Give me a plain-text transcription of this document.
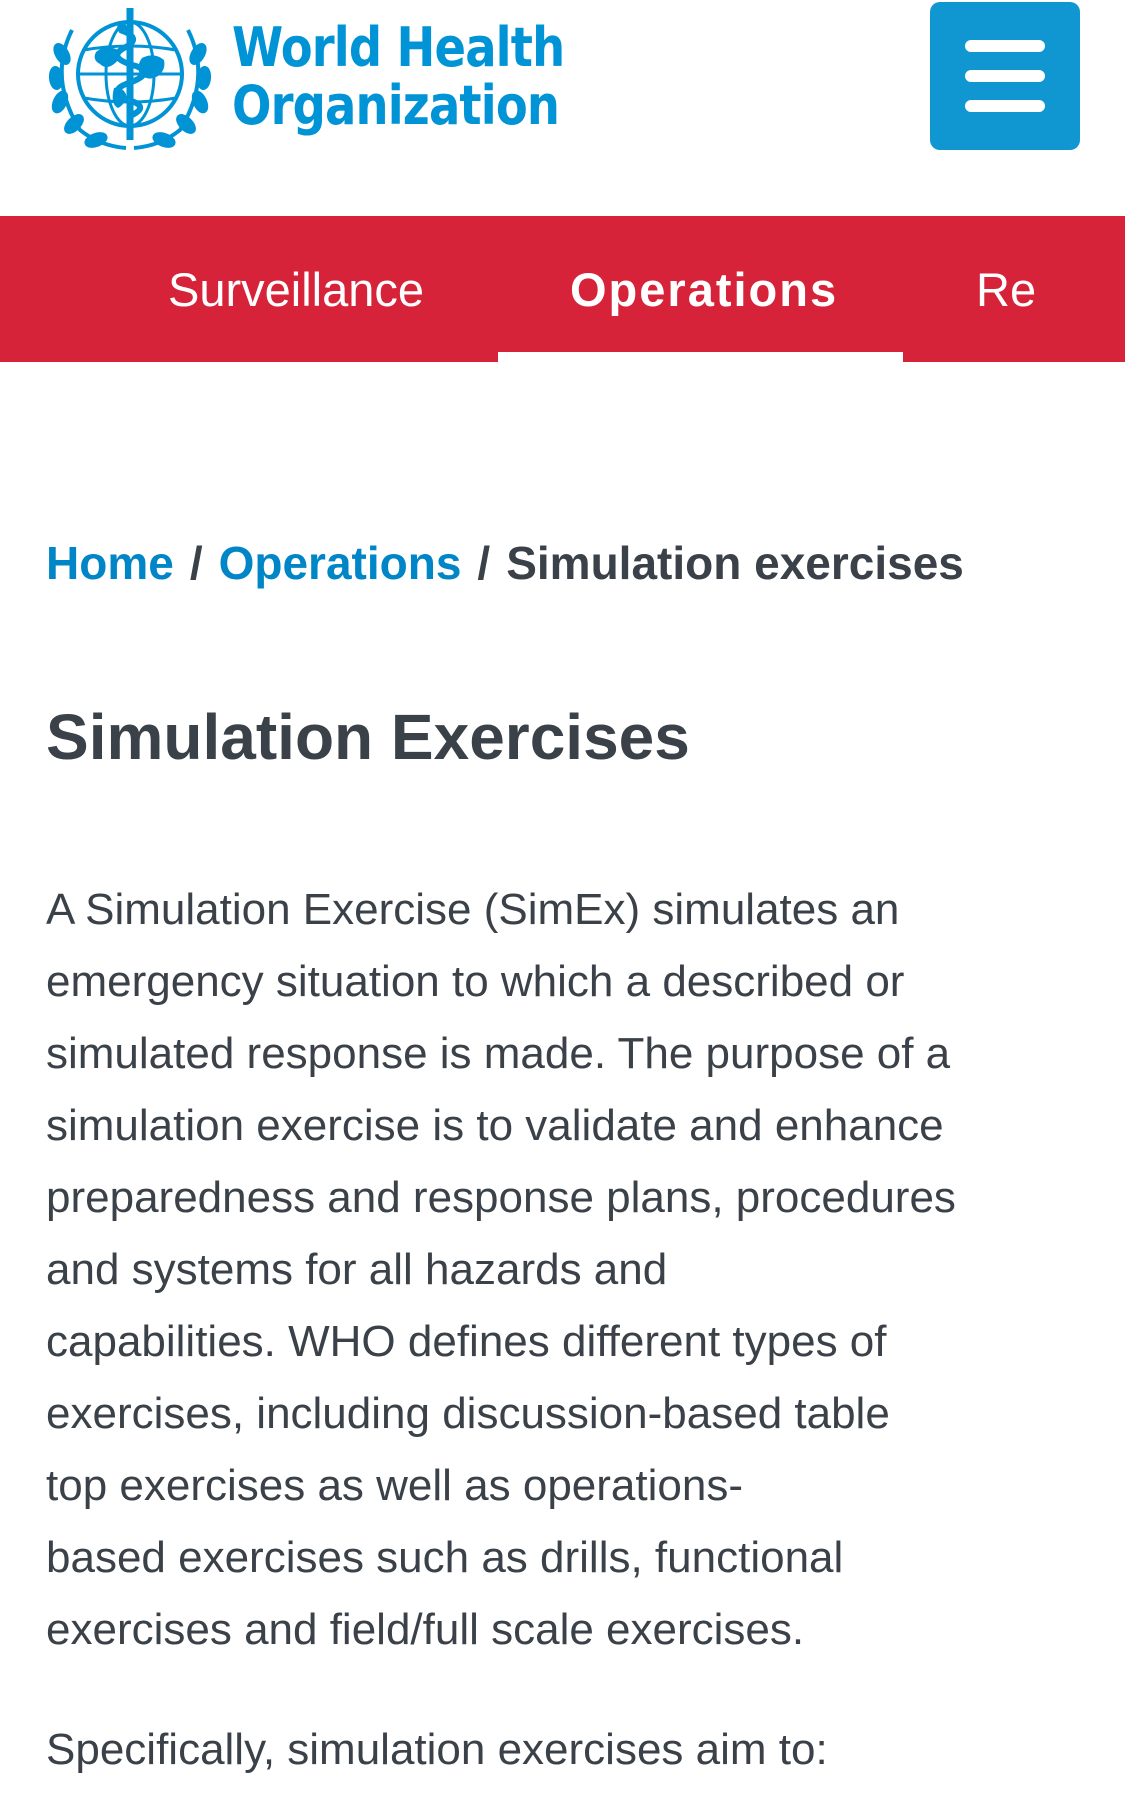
World Health
Organization
Surveillance	Operations	Re
Home / Operations / Simulation exercises
Simulation Exercises

A Simulation Exercise (SimEx) simulates an
emergency situation to which a described or
simulated response is made. The purpose of a
simulation exercise is to validate and enhance
preparedness and response plans, procedures
and systems for all hazards and
capabilities. WHO defines different types of
exercises, including discussion-based table
top exercises as well as operations-
based exercises such as drills, functional
exercises and field/full scale exercises.

Specifically, simulation exercises aim to:
